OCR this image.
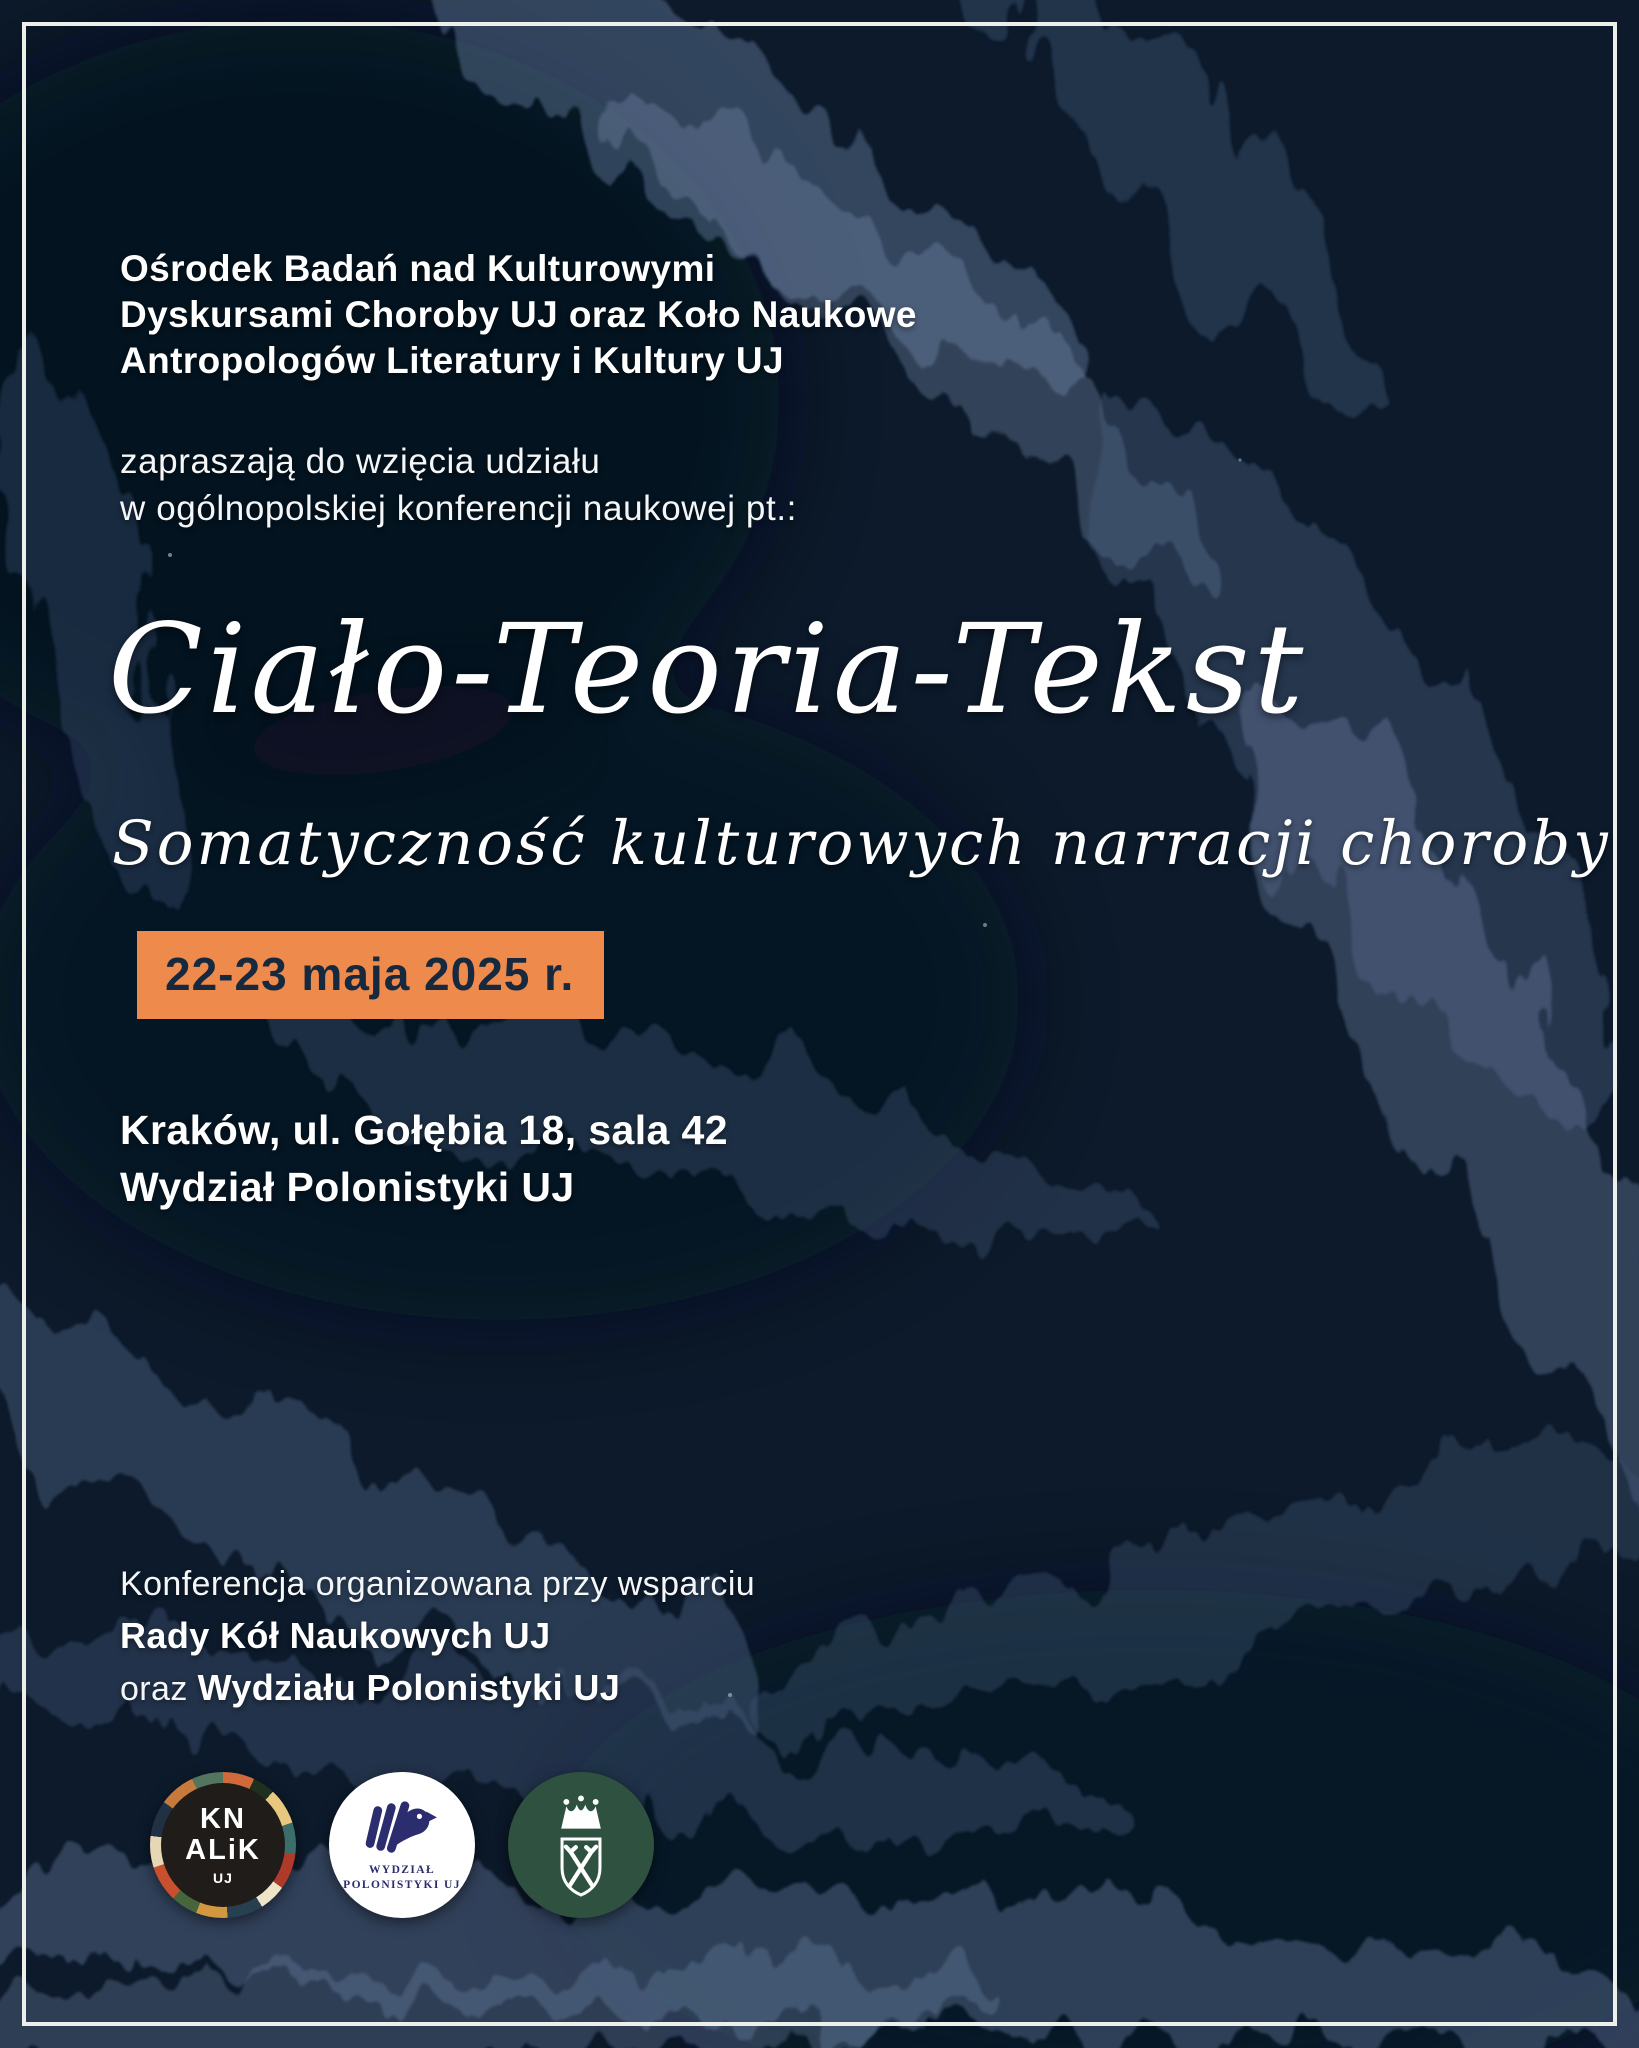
Ośrodek Badań nad Kulturowymi
Dyskursami Choroby UJ oraz Koło Naukowe
Antropologów Literatury i Kultury UJ
zapraszają do wzięcia udziału
w ogólnopolskiej konferencji naukowej pt.:
Ciało-Teoria-Tekst
Somatyczność kulturowych narracji choroby
22-23 maja 2025 r.
Kraków, ul. Gołębia 18, sala 42
Wydział Polonistyki UJ
Konferencja organizowana przy wsparciu
Rady Kół Naukowych UJ
oraz Wydziału Polonistyki UJ
KN
ALiK
UJ	WYDZIAŁ
POLONISTYKI UJ
